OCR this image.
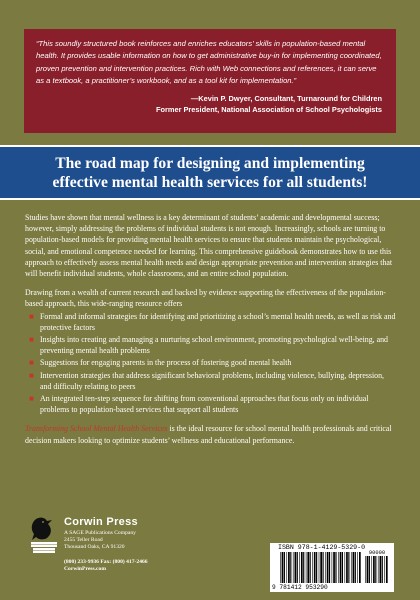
“This soundly structured book reinforces and enriches educators’ skills in population-based mental health. It provides usable information on how to get administrative buy-in for implementing coordinated, proven prevention and intervention practices. Rich with Web connections and references, it can serve as a textbook, a practitioner’s workbook, and as a tool kit for implementation.”

—Kevin P. Dwyer, Consultant, Turnaround for Children
Former President, National Association of School Psychologists
The road map for designing and implementing
effective mental health services for all students!

Studies have shown that mental wellness is a key determinant of students’ academic and developmental success; however, simply addressing the problems of individual students is not enough. Increasingly, schools are turning to population-based models for providing mental health services to ensure that students maintain the psychological, social, and emotional competence needed for learning. This comprehensive guidebook demonstrates how to use this approach to effectively assess mental health needs and design appropriate prevention and intervention strategies that will benefit individual students, whole classrooms, and an entire school population.

Drawing from a wealth of current research and backed by evidence supporting the effectiveness of the population-based approach, this wide-ranging resource offers

■ Formal and informal strategies for identifying and prioritizing a school’s mental health needs, as well as risk and protective factors
■ Insights into creating and managing a nurturing school environment, promoting psychological well-being, and preventing mental health problems
■ Suggestions for engaging parents in the process of fostering good mental health
■ Intervention strategies that address significant behavioral problems, including violence, bullying, depression, and difficulty relating to peers
■ An integrated ten-step sequence for shifting from conventional approaches that focus only on individual problems to population-based services that support all students

Transforming School Mental Health Services is the ideal resource for school mental health professionals and critical decision makers looking to optimize students’ wellness and educational performance.

Corwin Press
A SAGE Publications Company
2455 Teller Road
Thousand Oaks, CA 91320
(800) 233-9936 Fax: (800) 417-2466
CorwinPress.com
ISBN 978-1-4129-5329-0
90000
9 781412 953290
